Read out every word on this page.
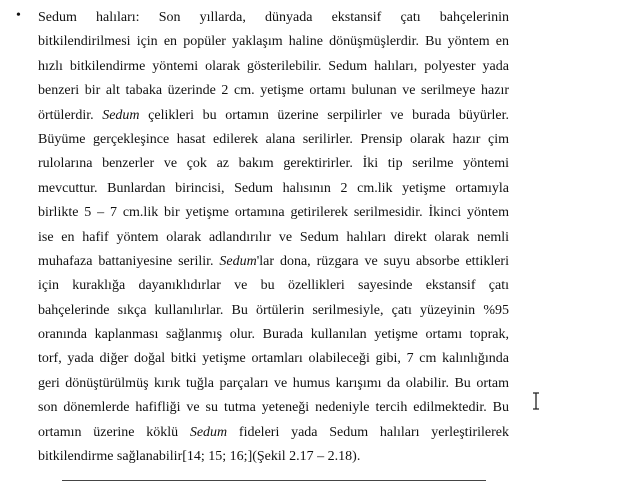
• Sedum halıları: Son yıllarda, dünyada ekstansif çatı bahçelerinin
bitkilendirilmesi için en popüler yaklaşım haline dönüşmüşlerdir. Bu yöntem en
hızlı bitkilendirme yöntemi olarak gösterilebilir. Sedum halıları, polyester yada
benzeri bir alt tabaka üzerinde 2 cm. yetişme ortamı bulunan ve serilmeye hazır
örtülerdir. Sedum çelikleri bu ortamın üzerine serpilirler ve burada büyürler.
Büyüme gerçekleşince hasat edilerek alana serilirler. Prensip olarak hazır çim
rulolarına benzerler ve çok az bakım gerektirirler. İki tip serilme yöntemi
mevcuttur. Bunlardan birincisi, Sedum halısının 2 cm.lik yetişme ortamıyla
birlikte 5 – 7 cm.lik bir yetişme ortamına getirilerek serilmesidir. İkinci yöntem
ise en hafif yöntem olarak adlandırılır ve Sedum halıları direkt olarak nemli
muhafaza battaniyesine serilir. Sedum'lar dona, rüzgara ve suyu absorbe ettikleri
için kuraklığa dayanıklıdırlar ve bu özellikleri sayesinde ekstansif çatı
bahçelerinde sıkça kullanılırlar. Bu örtülerin serilmesiyle, çatı yüzeyinin %95
oranında kaplanması sağlanmış olur. Burada kullanılan yetişme ortamı toprak,
torf, yada diğer doğal bitki yetişme ortamları olabileceği gibi, 7 cm kalınlığında
geri dönüştürülmüş kırık tuğla parçaları ve humus karışımı da olabilir. Bu ortam
son dönemlerde hafifliği ve su tutma yeteneği nedeniyle tercih edilmektedir. Bu
ortamın üzerine köklü Sedum fideleri yada Sedum halıları yerleştirilerek
bitkilendirme sağlanabilir[14; 15; 16;](Şekil 2.17 – 2.18).
